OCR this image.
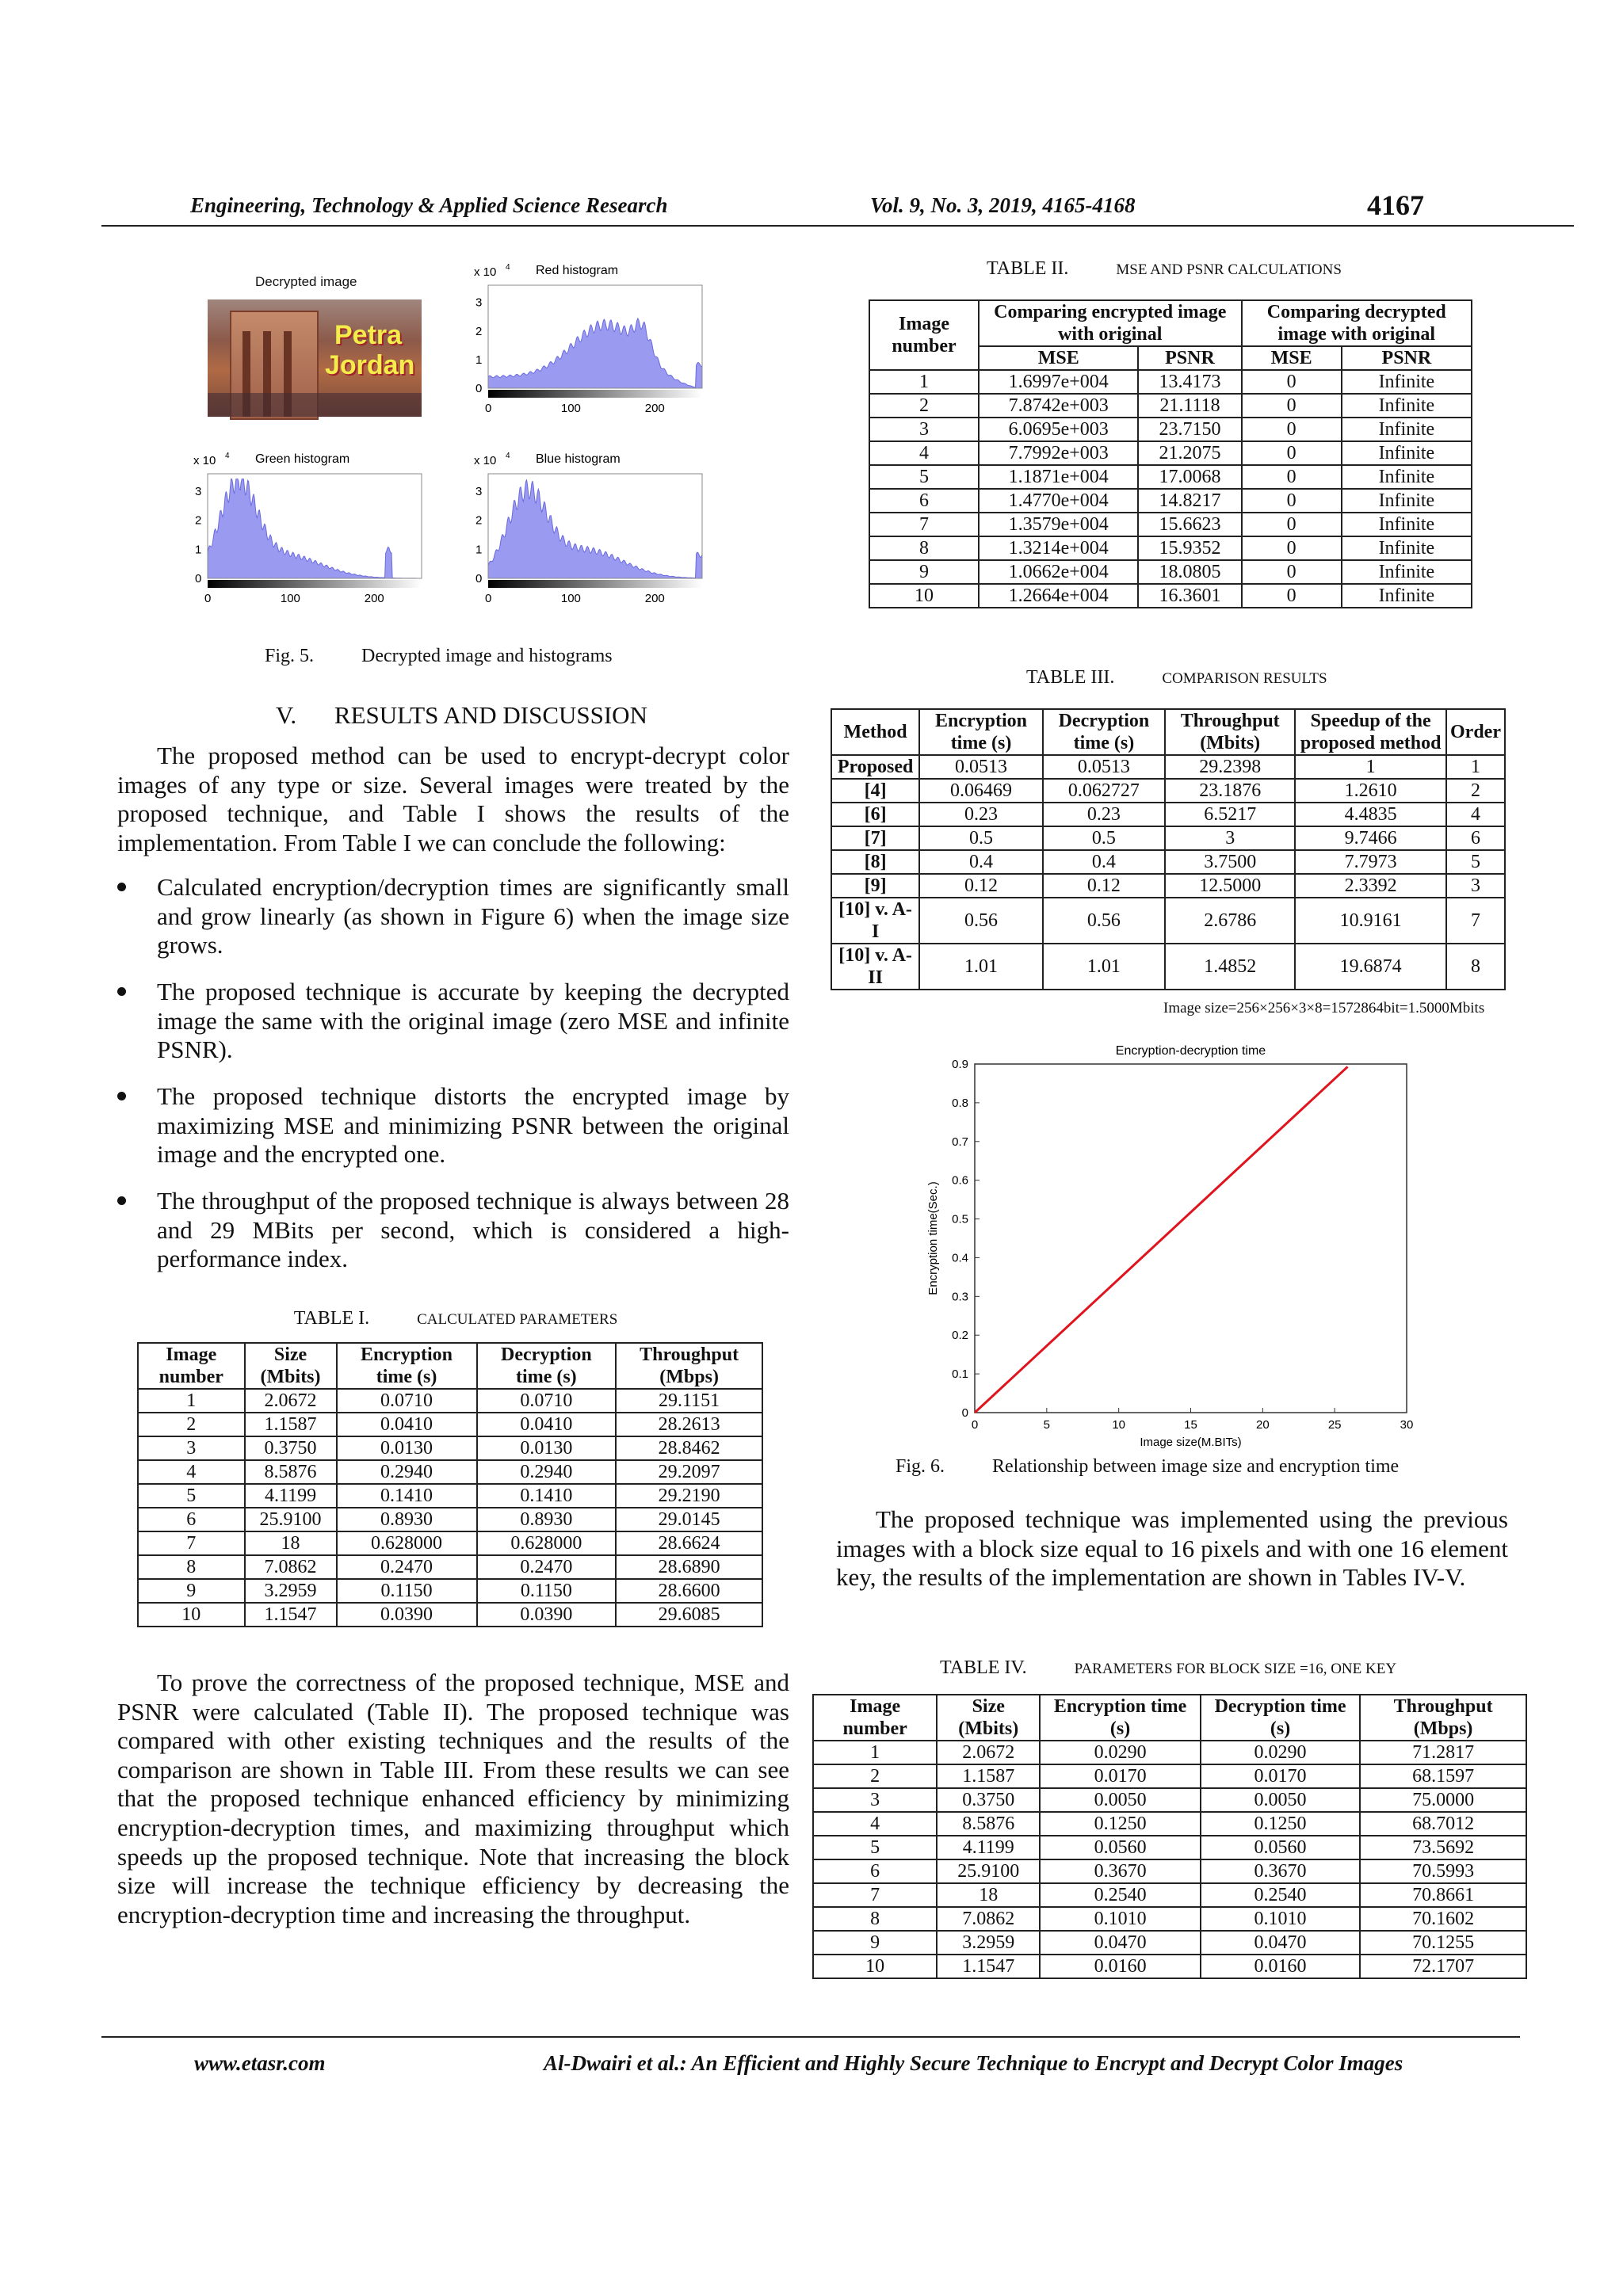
Engineering, Technology & Applied Science Research	Vol. 9, No. 3, 2019, 4165-4168	4167
Decrypted image
Petra
Jordan
0
1
2
3
0	100	200
x 10 4 Red histogram
0
1
2
3
0	100	200
x 10 4 Green histogram
0
1
2
3
0	100	200
x 10 4 Blue histogram
Fig. 5. Decrypted image and histograms
V. RESULTS AND DISCUSSION
The proposed method can be used to encrypt-decrypt color images of any type or size. Several images were treated by the proposed technique, and Table I shows the results of the implementation. From Table I we can conclude the following:
Calculated encryption/decryption times are significantly small and grow linearly (as shown in Figure 6) when the image size grows.
The proposed technique is accurate by keeping the decrypted image the same with the original image (zero MSE and infinite PSNR).
The proposed technique distorts the encrypted image by maximizing MSE and minimizing PSNR between the original image and the encrypted one.
The throughput of the proposed technique is always between 28 and 29 MBits per second, which is considered a high-performance index.
TABLE I.	CALCULATED PARAMETERS
Image number	Size (Mbits)	Encryption time (s)	Decryption time (s)	Throughput (Mbps)
1	2.0672	0.0710	0.0710	29.1151
2	1.1587	0.0410	0.0410	28.2613
3	0.3750	0.0130	0.0130	28.8462
4	8.5876	0.2940	0.2940	29.2097
5	4.1199	0.1410	0.1410	29.2190
6	25.9100	0.8930	0.8930	29.0145
7	18	0.628000	0.628000	28.6624
8	7.0862	0.2470	0.2470	28.6890
9	3.2959	0.1150	0.1150	28.6600
10	1.1547	0.0390	0.0390	29.6085
To prove the correctness of the proposed technique, MSE and PSNR were calculated (Table II). The proposed technique was compared with other existing techniques and the results of the comparison are shown in Table III. From these results we can see that the proposed technique enhanced efficiency by minimizing encryption-decryption times, and maximizing throughput which speeds up the proposed technique. Note that increasing the block size will increase the technique efficiency by decreasing the encryption-decryption time and increasing the throughput.
TABLE II.	MSE AND PSNR CALCULATIONS
Image number	Comparing encrypted image with original		Comparing decrypted image with original	
	MSE	PSNR	MSE	PSNR
1	1.6997e+004	13.4173	0	Infinite
2	7.8742e+003	21.1118	0	Infinite
3	6.0695e+003	23.7150	0	Infinite
4	7.7992e+003	21.2075	0	Infinite
5	1.1871e+004	17.0068	0	Infinite
6	1.4770e+004	14.8217	0	Infinite
7	1.3579e+004	15.6623	0	Infinite
8	1.3214e+004	15.9352	0	Infinite
9	1.0662e+004	18.0805	0	Infinite
10	1.2664e+004	16.3601	0	Infinite
TABLE III.	COMPARISON RESULTS
Method	Encryption time (s)	Decryption time (s)	Throughput (Mbits)	Speedup of the proposed method	Order
Proposed	0.0513	0.0513	29.2398	1	1
[4]	0.06469	0.062727	23.1876	1.2610	2
[6]	0.23	0.23	6.5217	4.4835	4
[7]	0.5	0.5	3	9.7466	6
[8]	0.4	0.4	3.7500	7.7973	5
[9]	0.12	0.12	12.5000	2.3392	3
[10] v. A-I	0.56	0.56	2.6786	10.9161	7
[10] v. A-II	1.01	1.01	1.4852	19.6874	8
Image size=256×256×3×8=1572864bit=1.5000Mbits
Encryption-decryption time
0	5	10	15	20	25	30
0
0.1
0.2
0.3
0.4
0.5
0.6
0.7
0.8
0.9
Image size(M.BITs)
Encryption time(Sec.)
Fig. 6. Relationship between image size and encryption time
The proposed technique was implemented using the previous images with a block size equal to 16 pixels and with one 16 element key, the results of the implementation are shown in Tables IV-V.
TABLE IV.	PARAMETERS FOR BLOCK SIZE =16, ONE KEY
Image number	Size (Mbits)	Encryption time (s)	Decryption time (s)	Throughput (Mbps)
1	2.0672	0.0290	0.0290	71.2817
2	1.1587	0.0170	0.0170	68.1597
3	0.3750	0.0050	0.0050	75.0000
4	8.5876	0.1250	0.1250	68.7012
5	4.1199	0.0560	0.0560	73.5692
6	25.9100	0.3670	0.3670	70.5993
7	18	0.2540	0.2540	70.8661
8	7.0862	0.1010	0.1010	70.1602
9	3.2959	0.0470	0.0470	70.1255
10	1.1547	0.0160	0.0160	72.1707
www.etasr.com	Al-Dwairi et al.: An Efficient and Highly Secure Technique to Encrypt and Decrypt Color Images
